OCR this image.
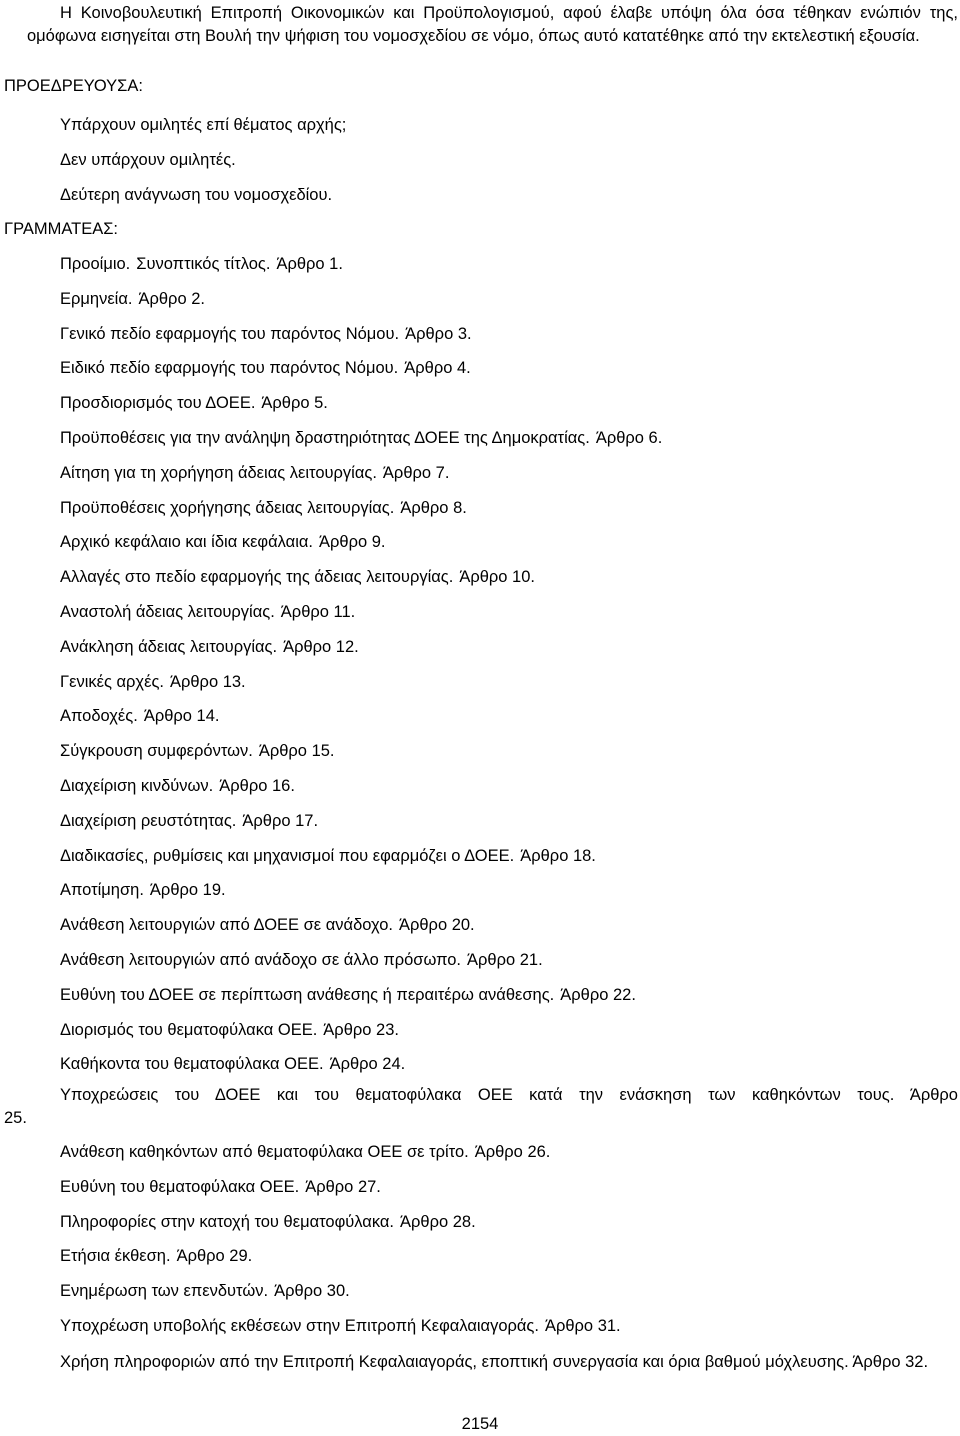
Η Κοινοβουλευτική Επιτροπή Οικονομικών και Προϋπολογισμού, αφού έλαβε υπόψη όλα όσα τέθηκαν ενώπιόν της, ομόφωνα εισηγείται στη Βουλή την ψήφιση του νομοσχεδίου σε νόμο, όπως αυτό κατατέθηκε από την εκτελεστική εξουσία.

ΠΡΟΕΔΡΕΥΟΥΣΑ:

Υπάρχουν ομιλητές επί θέματος αρχής;

Δεν υπάρχουν ομιλητές.

Δεύτερη ανάγνωση του νομοσχεδίου.

ΓΡΑΜΜΑΤΕΑΣ:

Προοίμιο. Συνοπτικός τίτλος. Άρθρο 1.

Ερμηνεία. Άρθρο 2.

Γενικό πεδίο εφαρμογής του παρόντος Νόμου. Άρθρο 3.

Ειδικό πεδίο εφαρμογής του παρόντος Νόμου. Άρθρο 4.

Προσδιορισμός του ΔΟΕΕ. Άρθρο 5.

Προϋποθέσεις για την ανάληψη δραστηριότητας ΔΟΕΕ της Δημοκρατίας. Άρθρο 6.

Αίτηση για τη χορήγηση άδειας λειτουργίας. Άρθρο 7.

Προϋποθέσεις χορήγησης άδειας λειτουργίας. Άρθρο 8.

Αρχικό κεφάλαιο και ίδια κεφάλαια. Άρθρο 9.

Αλλαγές στο πεδίο εφαρμογής της άδειας λειτουργίας. Άρθρο 10.

Αναστολή άδειας λειτουργίας. Άρθρο 11.

Ανάκληση άδειας λειτουργίας. Άρθρο 12.

Γενικές αρχές. Άρθρο 13.

Αποδοχές. Άρθρο 14.

Σύγκρουση συμφερόντων. Άρθρο 15.

Διαχείριση κινδύνων. Άρθρο 16.

Διαχείριση ρευστότητας. Άρθρο 17.

Διαδικασίες, ρυθμίσεις και μηχανισμοί που εφαρμόζει ο ΔΟΕΕ. Άρθρο 18.

Αποτίμηση. Άρθρο 19.

Ανάθεση λειτουργιών από ΔΟΕΕ σε ανάδοχο. Άρθρο 20.

Ανάθεση λειτουργιών από ανάδοχο σε άλλο πρόσωπο. Άρθρο 21.

Ευθύνη του ΔΟΕΕ σε περίπτωση ανάθεσης ή περαιτέρω ανάθεσης. Άρθρο 22.

Διορισμός του θεματοφύλακα ΟΕΕ. Άρθρο 23.

Καθήκοντα του θεματοφύλακα ΟΕΕ. Άρθρο 24.

Υποχρεώσεις του ΔΟΕΕ και του θεματοφύλακα ΟΕΕ κατά την ενάσκηση των καθηκόντων τους. Άρθρο
25.

Ανάθεση καθηκόντων από θεματοφύλακα ΟΕΕ σε τρίτο. Άρθρο 26.

Ευθύνη του θεματοφύλακα ΟΕΕ. Άρθρο 27.

Πληροφορίες στην κατοχή του θεματοφύλακα. Άρθρο 28.

Ετήσια έκθεση. Άρθρο 29.

Ενημέρωση των επενδυτών. Άρθρο 30.

Υποχρέωση υποβολής εκθέσεων στην Επιτροπή Κεφαλαιαγοράς. Άρθρο 31.

Χρήση πληροφοριών από την Επιτροπή Κεφαλαιαγοράς, εποπτική συνεργασία και όρια βαθμού μόχλευσης. Άρθρο 32.

2154
